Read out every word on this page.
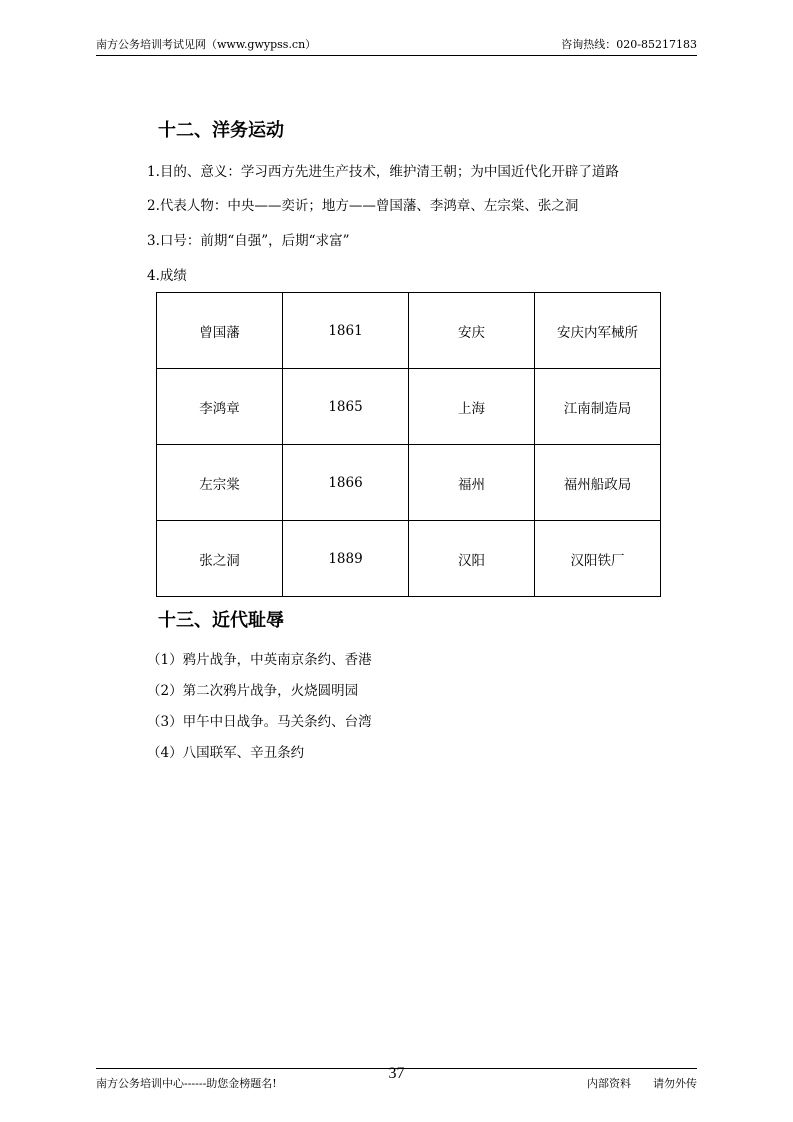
南方公务培训考试见网（www.gwypss.cn）	咨询热线：020-85217183
十二、洋务运动
1.目的、意义：学习西方先进生产技术，维护清王朝；为中国近代化开辟了道路
2.代表人物：中央——奕䜣；地方——曾国藩、李鸿章、左宗棠、张之洞
3.口号：前期“自强”，后期“求富”
4.成绩
曾国藩	1861	安庆	安庆内军械所
李鸿章	1865	上海	江南制造局
左宗棠	1866	福州	福州船政局
张之洞	1889	汉阳	汉阳铁厂
十三、近代耻辱
（1）鸦片战争，中英南京条约、香港
（2）第二次鸦片战争，火烧圆明园
（3）甲午中日战争。马关条约、台湾
（4）八国联军、辛丑条约
37
南方公务培训中心------助您金榜题名!	内部资料 请勿外传
